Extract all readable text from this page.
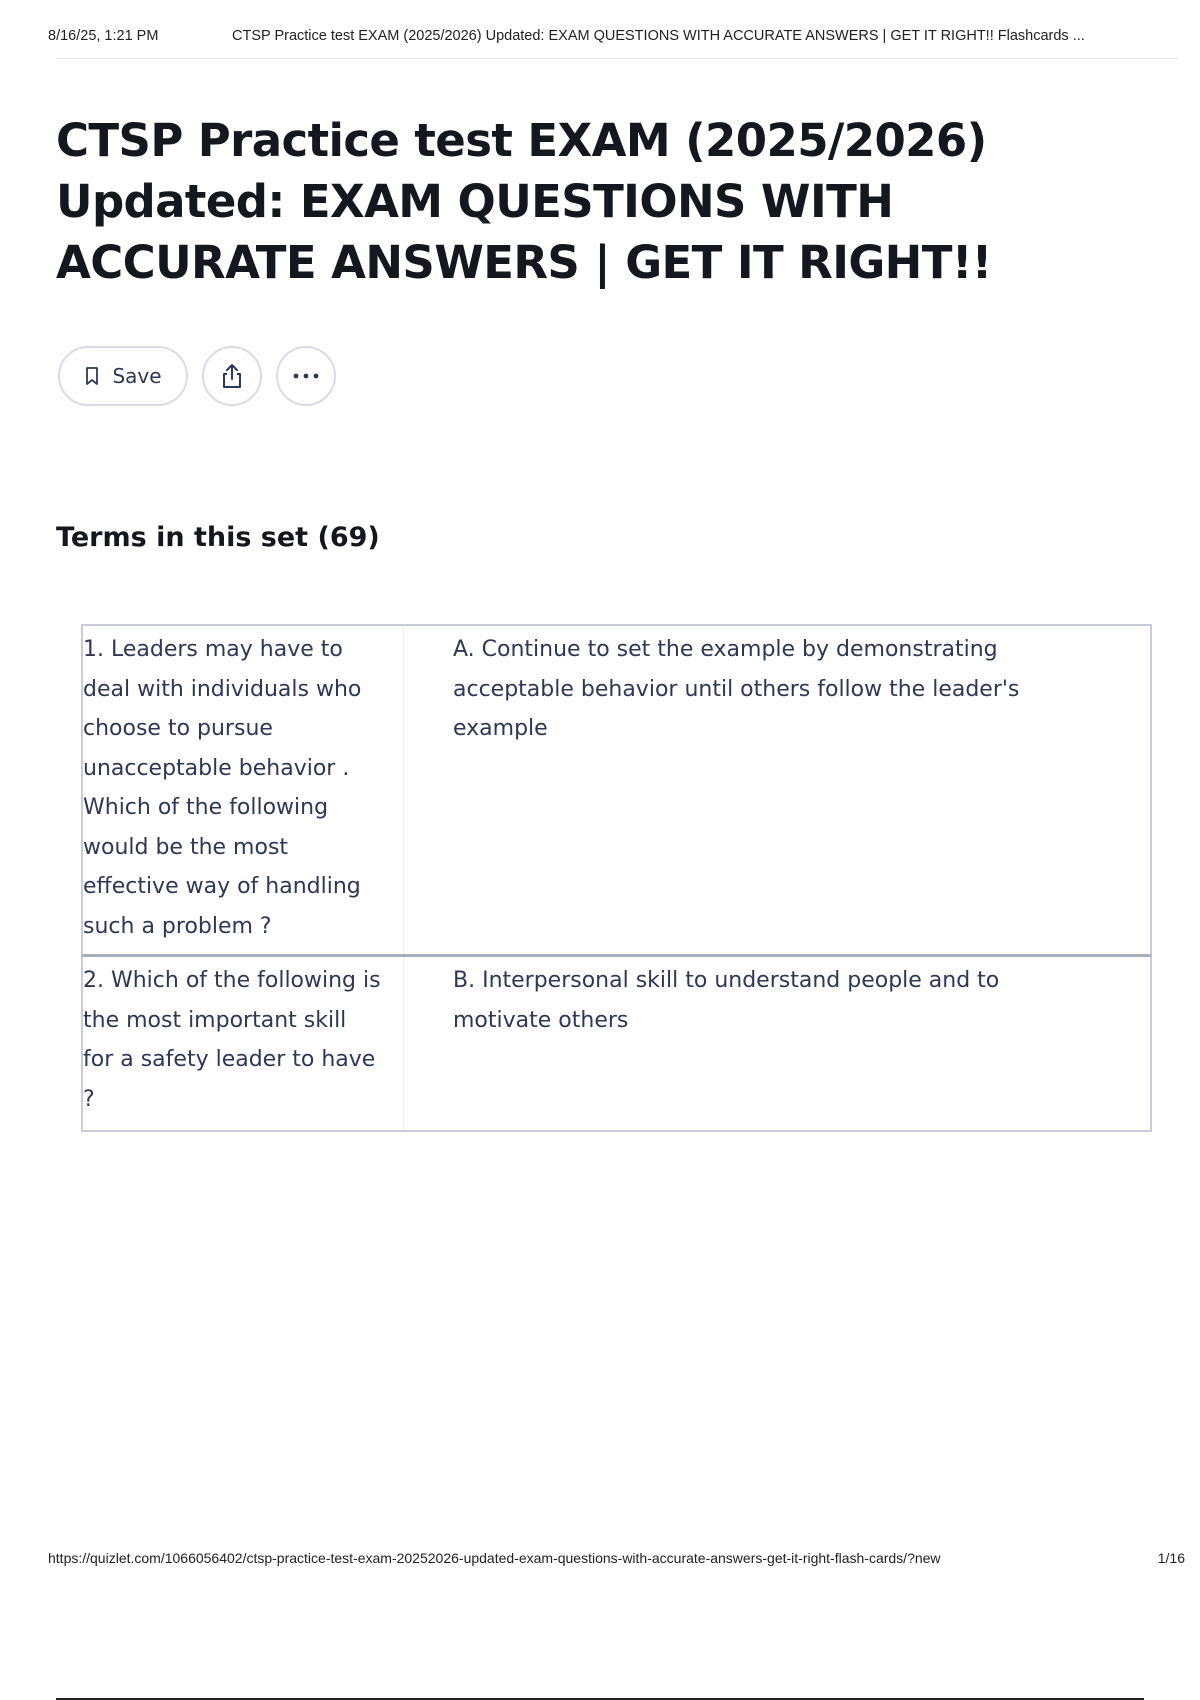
8/16/25, 1:21 PM	CTSP Practice test EXAM (2025/2026) Updated: EXAM QUESTIONS WITH ACCURATE ANSWERS | GET IT RIGHT!! Flashcards ...
CTSP Practice test EXAM (2025/2026) Updated: EXAM QUESTIONS WITH ACCURATE ANSWERS | GET IT RIGHT!!
Save
Terms in this set (69)
1. Leaders may have to deal with individuals who choose to pursue unacceptable behavior . Which of the following would be the most effective way of handling such a problem ?
A. Continue to set the example by demonstrating acceptable behavior until others follow the leader's example
2. Which of the following is the most important skill for a safety leader to have ?
B. Interpersonal skill to understand people and to motivate others
https://quizlet.com/1066056402/ctsp-practice-test-exam-20252026-updated-exam-questions-with-accurate-answers-get-it-right-flash-cards/?new	1/16
